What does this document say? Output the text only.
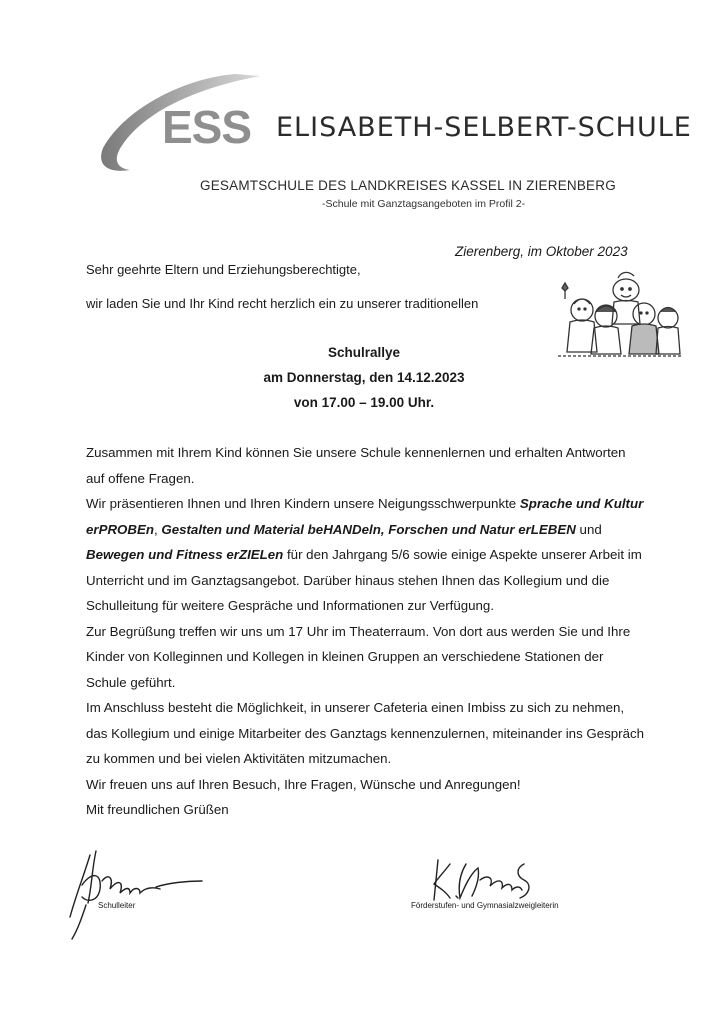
ESS ELISABETH-SELBERT-SCHULE
GESAMTSCHULE DES LANDKREISES KASSEL IN ZIERENBERG
-Schule mit Ganztagsangeboten im Profil 2-
Zierenberg, im Oktober 2023
Sehr geehrte Eltern und Erziehungsberechtigte,
wir laden Sie und Ihr Kind recht herzlich ein zu unserer traditionellen
Schulrallye
am Donnerstag, den 14.12.2023
von 17.00 – 19.00 Uhr.

Zusammen mit Ihrem Kind können Sie unsere Schule kennenlernen und erhalten Antworten auf offene Fragen.

Wir präsentieren Ihnen und Ihren Kindern unsere Neigungsschwerpunkte Sprache und Kultur erPROBEn, Gestalten und Material beHANDeln, Forschen und Natur erLEBEN und Bewegen und Fitness erZIELen für den Jahrgang 5/6 sowie einige Aspekte unserer Arbeit im Unterricht und im Ganztagsangebot. Darüber hinaus stehen Ihnen das Kollegium und die Schulleitung für weitere Gespräche und Informationen zur Verfügung.

Zur Begrüßung treffen wir uns um 17 Uhr im Theaterraum. Von dort aus werden Sie und Ihre Kinder von Kolleginnen und Kollegen in kleinen Gruppen an verschiedene Stationen der Schule geführt.

Im Anschluss besteht die Möglichkeit, in unserer Cafeteria einen Imbiss zu sich zu nehmen, das Kollegium und einige Mitarbeiter des Ganztags kennenzulernen, miteinander ins Gespräch zu kommen und bei vielen Aktivitäten mitzumachen.

Wir freuen uns auf Ihren Besuch, Ihre Fragen, Wünsche und Anregungen!

Mit freundlichen Grüßen

Schulleiter	Förderstufen- und Gymnasialzweigleiterin
